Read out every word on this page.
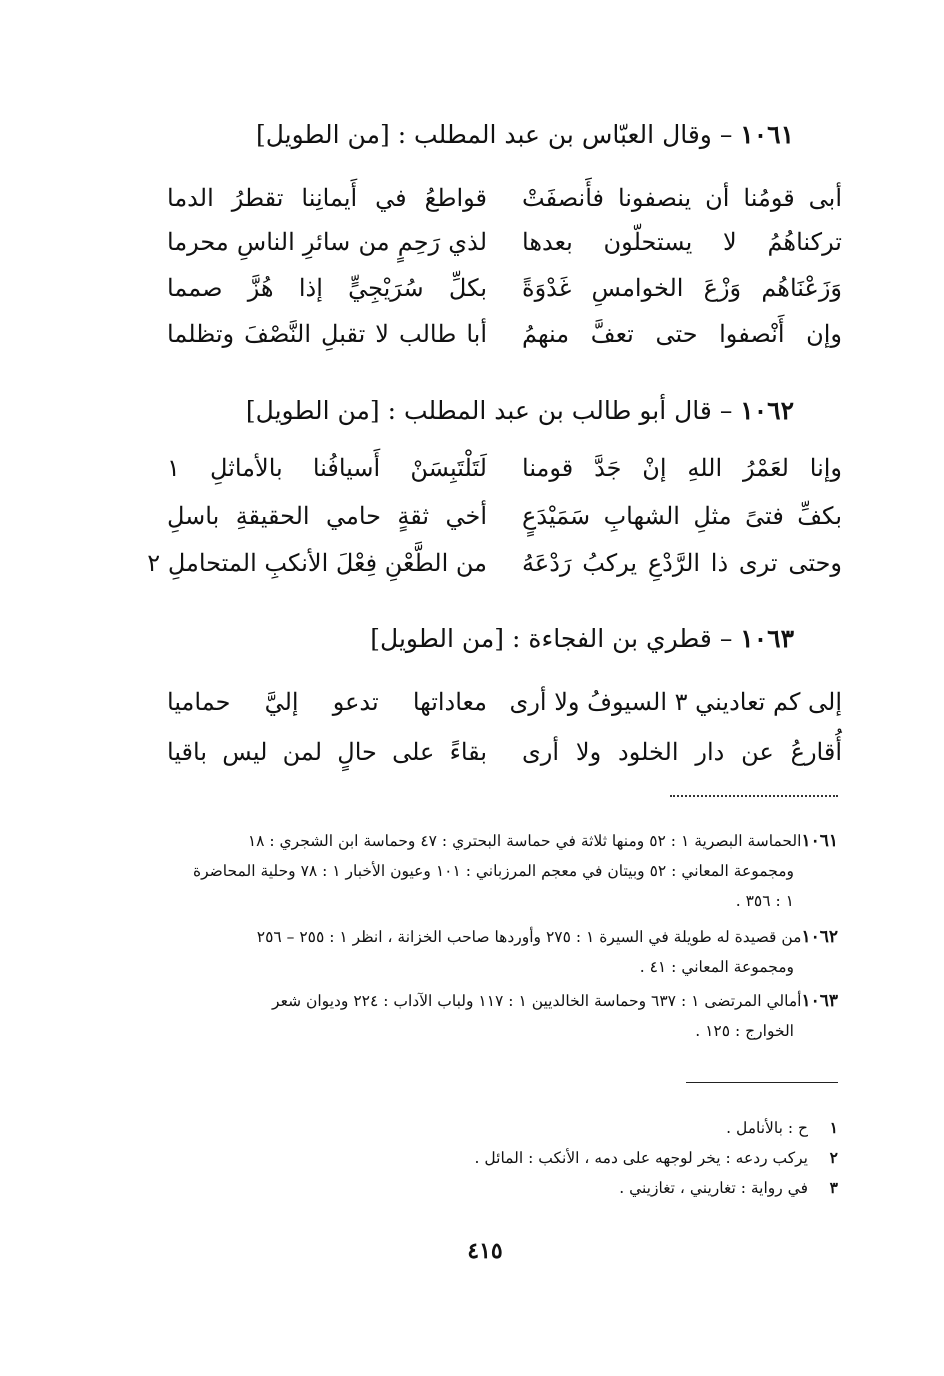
١٠٦١ – وقال العبّاس بن عبد المطلب : [من الطويل]
أبى قومُنا أن ينصفونا فأَنصفَتْ
قواطعُ في أَيمانِنا تقطرُ الدما
تركناهُمُ لا يستحلّون بعدها
لذي رَحِمٍ من سائرِ الناسِ محرما
وَزَعْنَاهُم وَزْعَ الخوامسِ غَدْوَةً
بكلِّ سُرَيْجِيٍّ إذا هُزَّ صمما
وإن أَنْصفوا حتى تعفَّ منهمُ
أبا طالب لا تقبلِ النَّصْفَ وتظلما
١٠٦٢ – قال أبو طالب بن عبد المطلب : [من الطويل]
وإنا لعَمْرُ اللهِ إنْ جَدَّ قومنا
لَتَلْتَبِسَنْ أَسيافُنا بالأماثلِ ١
بكفِّ فتىً مثلِ الشهابِ سَمَيْدَعٍ
أخي ثقةٍ حامي الحقيقةِ باسلِ
وحتى ترى ذا الرَّدْعِ يركبُ رَدْعَهُ
من الطَّعْنِ فِعْلَ الأنكبِ المتحاملِ ٢
١٠٦٣ – قطري بن الفجاءة : [من الطويل]
إلى كم تعاديني ٣ السيوفُ ولا أرى
معاداتها تدعو إليَّ حماميا
أُقارعُ عن دار الخلود ولا أرى
بقاءً على حالٍ لمن ليس باقيا
١٠٦١الحماسة البصرية ١ : ٥٢ ومنها ثلاثة في حماسة البحتري : ٤٧ وحماسة ابن الشجري : ١٨
ومجموعة المعاني : ٥٢ وبيتان في معجم المرزباني : ١٠١ وعيون الأخبار ١ : ٧٨ وحلية المحاضرة
١ : ٣٥٦ .
١٠٦٢من قصيدة له طويلة في السيرة ١ : ٢٧٥ وأوردها صاحب الخزانة ، انظر ١ : ٢٥٥ – ٢٥٦
ومجموعة المعاني : ٤١ .
١٠٦٣أمالي المرتضى ١ : ٦٣٧ وحماسة الخالديين ١ : ١١٧ ولباب الآداب : ٢٢٤ وديوان شعر
الخوارج : ١٢٥ .
١ح : بالأنامل .
٢يركب ردعه : يخر لوجهه على دمه ، الأنكب : المائل .
٣في رواية : تغاريني ، تغازيني .
٤١٥
